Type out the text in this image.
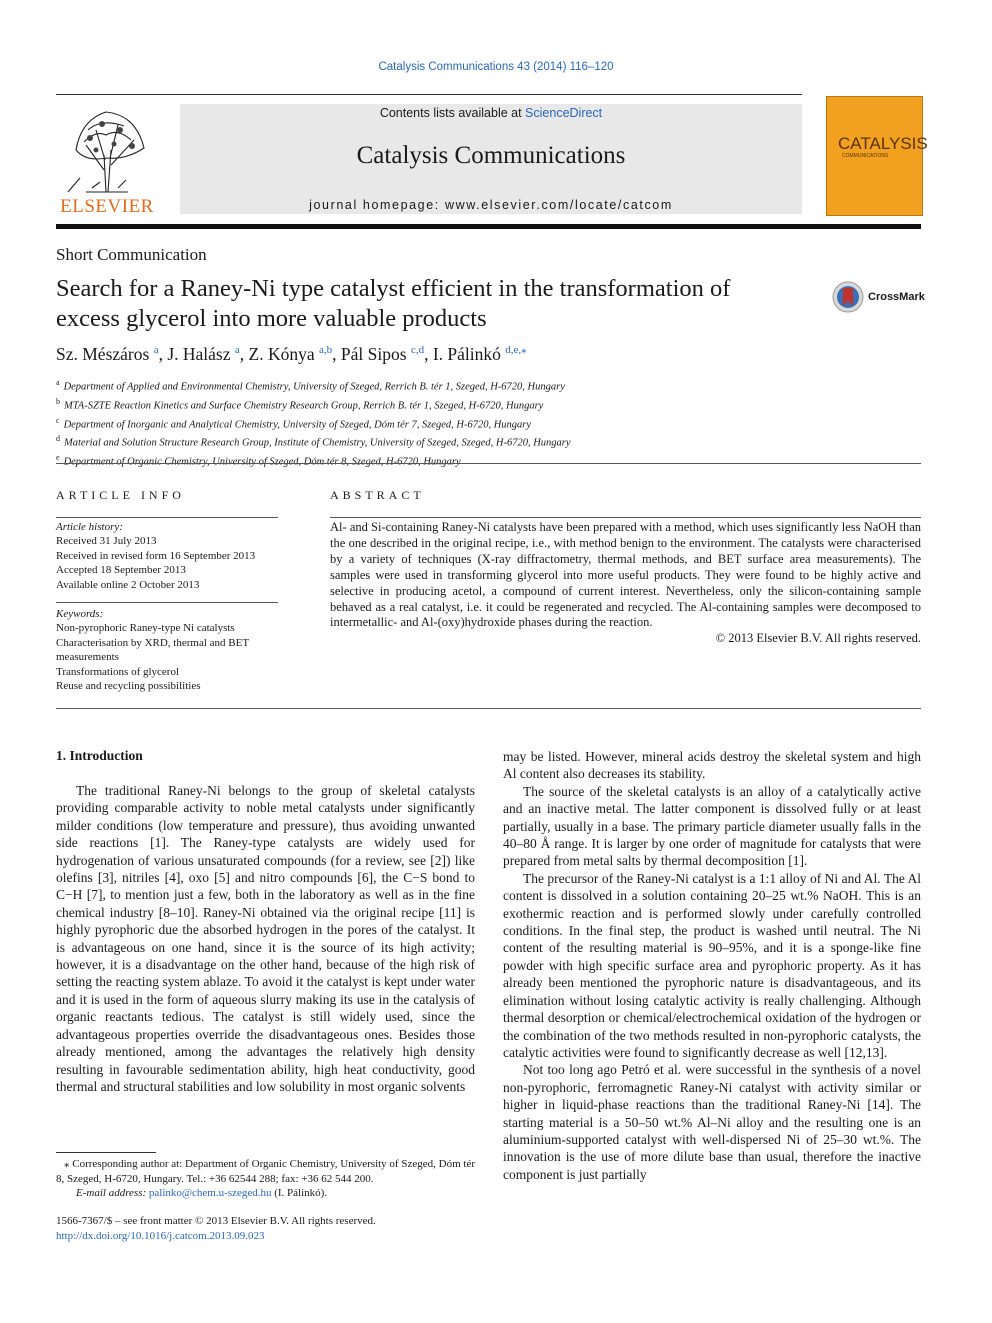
Catalysis Communications 43 (2014) 116–120
ELSEVIER
Contents lists available at ScienceDirect
Catalysis Communications
journal homepage: www.elsevier.com/locate/catcom
CATALYSIS
COMMUNICATIONS
Short Communication
Search for a Raney-Ni type catalyst efficient in the transformation of excess glycerol into more valuable products
CrossMark
Sz. Mészáros $^a$, J. Halász $^a$, Z. Kónya $^{a,b}$, Pál Sipos $^{c,d}$, I. Pálinkó $^{d,e,⁎}$
$^a$ Department of Applied and Environmental Chemistry, University of Szeged, Rerrich B. tér 1, Szeged, H-6720, Hungary
$^b$ MTA-SZTE Reaction Kinetics and Surface Chemistry Research Group, Rerrich B. tér 1, Szeged, H-6720, Hungary
$^c$ Department of Inorganic and Analytical Chemistry, University of Szeged, Dóm tér 7, Szeged, H-6720, Hungary
$^d$ Material and Solution Structure Research Group, Institute of Chemistry, University of Szeged, Szeged, H-6720, Hungary
$^e$
ARTICLE INFO	ABSTRACT
Article history:
Received 31 July 2013
Received in revised form 16 September 2013
Accepted 18 September 2013
Available online 2 October 2013
Keywords:
Non-pyrophoric Raney-type Ni catalysts
Characterisation by XRD, thermal and BET measurements
Transformations of glycerol
Reuse and recycling possibilities
Al- and Si-containing Raney-Ni catalysts have been prepared with a method, which uses significantly less NaOH than the one described in the original recipe, i.e., with method benign to the environment. The catalysts were characterised by a variety of techniques (X-ray diffractometry, thermal methods, and BET surface area measurements). The samples were used in transforming glycerol into more useful products. They were found to be highly active and selective in producing acetol, a compound of current interest. Nevertheless, only the silicon-containing sample behaved as a real catalyst, i.e. it could be regenerated and recycled. The Al-containing samples were decomposed to intermetallic- and Al-(oxy)hydroxide phases during the reaction.
© 2013 Elsevier B.V. All rights reserved.
1. Introduction

The traditional Raney-Ni belongs to the group of skeletal catalysts providing comparable activity to noble metal catalysts under significantly milder conditions (low temperature and pressure), thus avoiding unwanted side reactions [1]. The Raney-type catalysts are widely used for hydrogenation of various unsaturated compounds (for a review, see [2]) like olefins [3], nitriles [4], oxo [5] and nitro compounds [6], the C−S bond to C−H [7], to mention just a few, both in the laboratory as well as in the fine chemical industry [8–10]. Raney-Ni obtained via the original recipe [11] is highly pyrophoric due the absorbed hydrogen in the pores of the catalyst. It is advantageous on one hand, since it is the source of its high activity; however, it is a disadvantage on the other hand, because of the high risk of setting the reacting system ablaze. To avoid it the catalyst is kept under water and it is used in the form of aqueous slurry making its use in the catalysis of organic reactants tedious. The catalyst is still widely used, since the advantageous properties override the disadvantageous ones. Besides those already mentioned, among the advantages the relatively high density resulting in favourable sedimentation ability, high heat conductivity, good thermal and structural stabilities and low solubility in most organic solvents

may be listed. However, mineral acids destroy the skeletal system and high Al content also decreases its stability.

The source of the skeletal catalysts is an alloy of a catalytically active and an inactive metal. The latter component is dissolved fully or at least partially, usually in a base. The primary particle diameter usually falls in the 40–80 Å range. It is larger by one order of magnitude for catalysts that were prepared from metal salts by thermal decomposition [1].

The precursor of the Raney-Ni catalyst is a 1:1 alloy of Ni and Al. The Al content is dissolved in a solution containing 20–25 wt.% NaOH. This is an exothermic reaction and is performed slowly under carefully controlled conditions. In the final step, the product is washed until neutral. The Ni content of the resulting material is 90–95%, and it is a sponge-like fine powder with high specific surface area and pyrophoric property. As it has already been mentioned the pyrophoric nature is disadvantageous, and its elimination without losing catalytic activity is really challenging. Although thermal desorption or chemical/electrochemical oxidation of the hydrogen or the combination of the two methods resulted in non-pyrophoric catalysts, the catalytic activities were found to significantly decrease as well [12,13].

Not too long ago Petró et al. were successful in the synthesis of a novel non-pyrophoric, ferromagnetic Raney-Ni catalyst with activity similar or higher in liquid-phase reactions than the traditional Raney-Ni [14]. The starting material is a 50–50 wt.% Al–Ni alloy and the resulting one is an aluminium-supported catalyst with well-dispersed Ni of 25–30 wt.%. The innovation is the use of more dilute base than usual, therefore the inactive component is just partially

⁎ Corresponding author at: Department of Organic Chemistry, University of Szeged, Dóm tér 8, Szeged, H-6720, Hungary. Tel.: +36 62544 288; fax: +36 62 544 200.
E-mail address: palinko@chem.u-szeged.hu (I. Pálinkó).
1566-7367/$ – see front matter © 2013 Elsevier B.V. All rights reserved.
http://dx.doi.org/10.1016/j.catcom.2013.09.023
